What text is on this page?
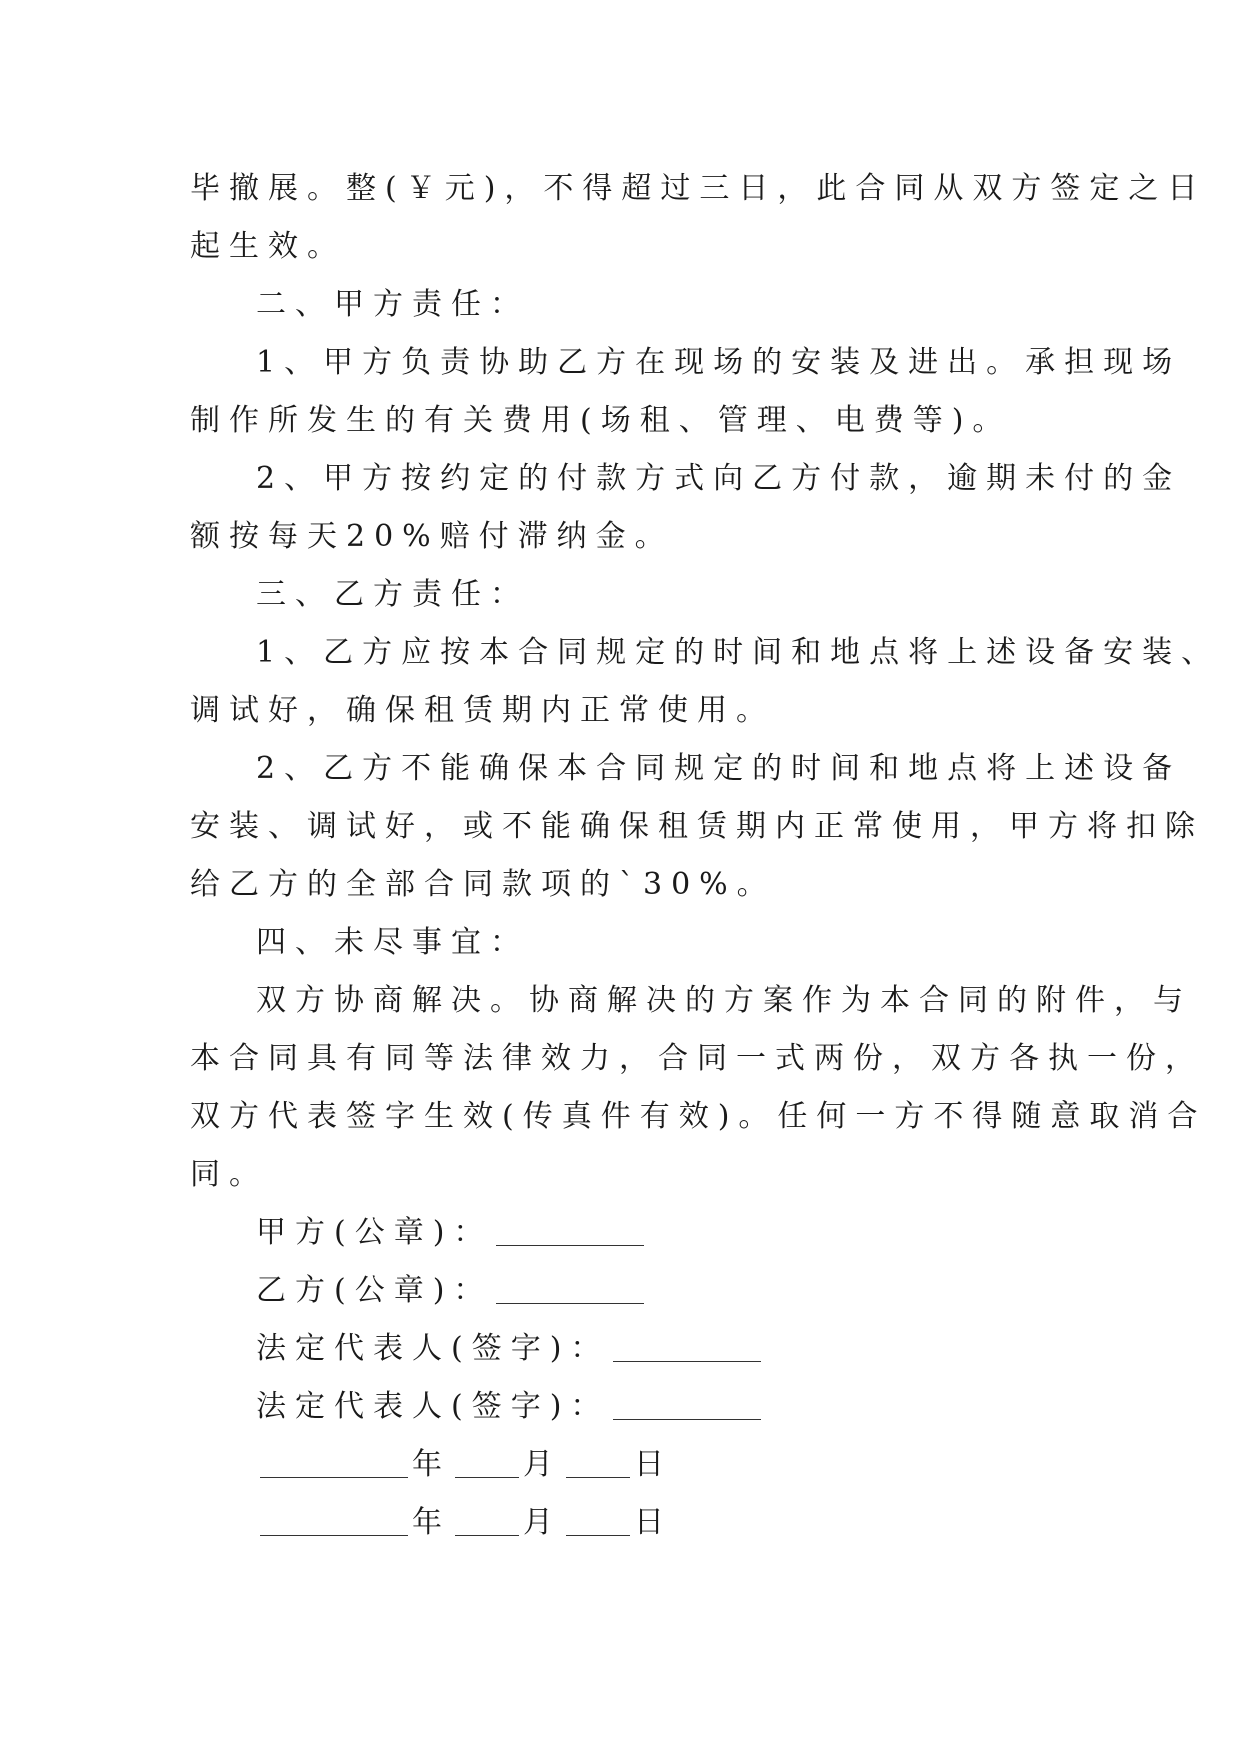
毕撤展。整(￥元)，不得超过三日，此合同从双方签定之日

起生效。

二、甲方责任：

1、甲方负责协助乙方在现场的安装及进出。承担现场

制作所发生的有关费用(场租、管理、电费等)。

2、甲方按约定的付款方式向乙方付款，逾期未付的金

额按每天20%赔付滞纳金。

三、乙方责任：

1、乙方应按本合同规定的时间和地点将上述设备安装、

调试好，确保租赁期内正常使用。

2、乙方不能确保本合同规定的时间和地点将上述设备

安装、调试好，或不能确保租赁期内正常使用，甲方将扣除

给乙方的全部合同款项的`30%。

四、未尽事宜：

双方协商解决。协商解决的方案作为本合同的附件，与

本合同具有同等法律效力，合同一式两份，双方各执一份，

双方代表签字生效(传真件有效)。任何一方不得随意取消合

同。

甲方(公章)：

乙方(公章)：

法定代表人(签字)：

法定代表人(签字)：

年 月 日

年 月 日
